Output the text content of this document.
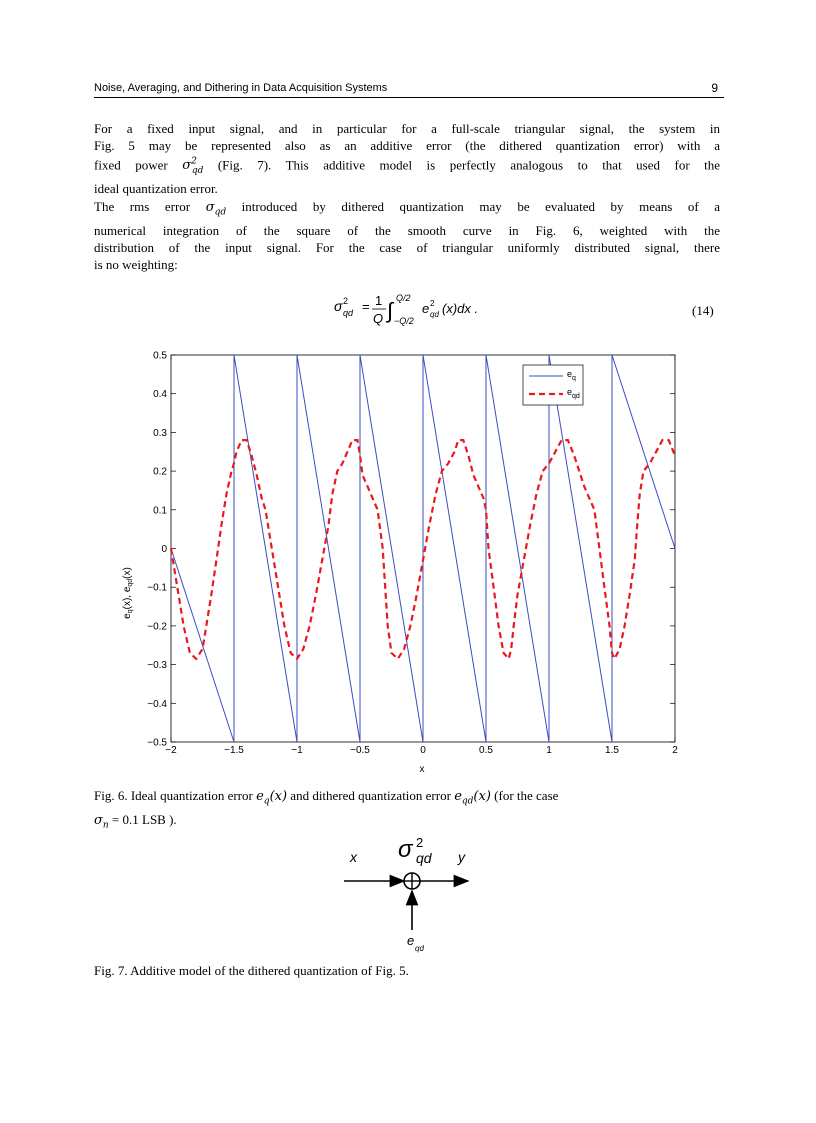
Noise, Averaging, and Dithering in Data Acquisition Systems	9
For a fixed input signal, and in particular for a full-scale triangular signal, the system in
Fig. 5 may be represented also as an additive error (the dithered quantization error) with a
fixed power $\sigma^2_{qd}$ (Fig. 7). This additive model is perfectly analogous to that used for the
ideal quantization error.
The rms error $\sigma_{qd}$ introduced by dithered quantization may be evaluated by means of a
numerical integration of the square of the smooth curve in Fig. 6, weighted with the
distribution of the input signal. For the case of triangular uniformly distributed signal, there
is no weighting:
σ 2
qd = 1
Q ∫ Q/2
−Q/2
e 2
qd (x)dx .	(14)
−2	−1.5	−1	−0.5	0	0.5	1	1.5	2
0.5
0.4
0.3
0.2
0.1
0
−0.1
−0.2
−0.3
−0.4
−0.5
$e_q$
$e_{qd}$
x
$e_q(x)$, $e_{qd}(x)$
Fig. 6. Ideal quantization error $e_q(x)$ and dithered quantization error $e_{qd}(x)$ (for the case
$\sigma_n = 0.1$ LSB ).
x σ 2
qd y
e
qd
Fig. 7. Additive model of the dithered quantization of Fig. 5.
